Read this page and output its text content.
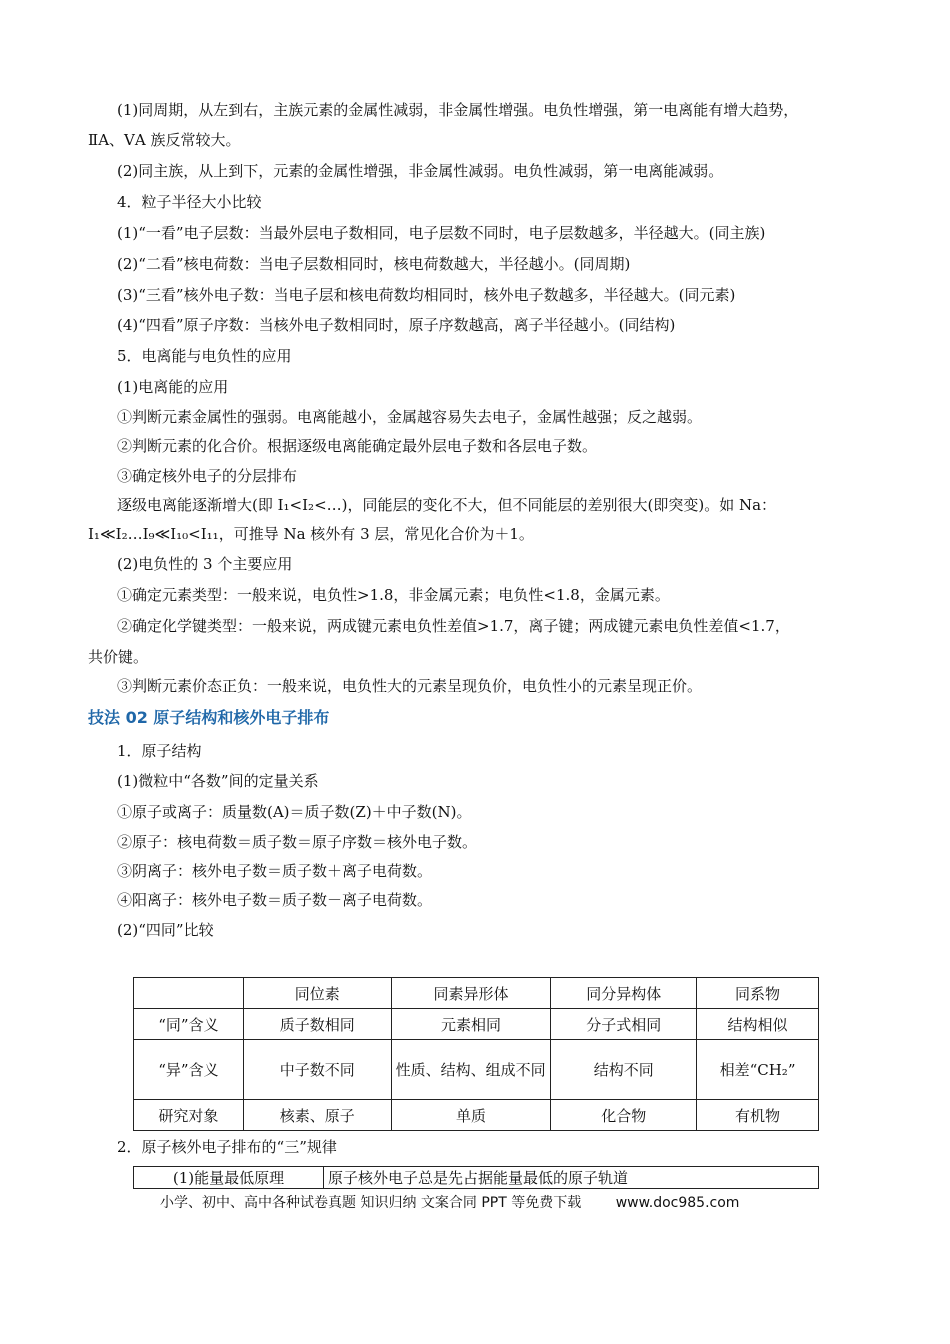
(1)同周期，从左到右，主族元素的金属性减弱，非金属性增强。电负性增强，第一电离能有增大趋势，
ⅡA、ⅤA 族反常较大。
(2)同主族，从上到下，元素的金属性增强，非金属性减弱。电负性减弱，第一电离能减弱。
4．粒子半径大小比较
(1)“一看”电子层数：当最外层电子数相同，电子层数不同时，电子层数越多，半径越大。(同主族)
(2)“二看”核电荷数：当电子层数相同时，核电荷数越大，半径越小。(同周期)
(3)“三看”核外电子数：当电子层和核电荷数均相同时，核外电子数越多，半径越大。(同元素)
(4)“四看”原子序数：当核外电子数相同时，原子序数越高，离子半径越小。(同结构)
5．电离能与电负性的应用
(1)电离能的应用
①判断元素金属性的强弱。电离能越小，金属越容易失去电子，金属性越强；反之越弱。
②判断元素的化合价。根据逐级电离能确定最外层电子数和各层电子数。
③确定核外电子的分层排布
逐级电离能逐渐增大(即 I₁<I₂<…)，同能层的变化不大，但不同能层的差别很大(即突变)。如 Na：
I₁≪I₂…I₉≪I₁₀<I₁₁，可推导 Na 核外有 3 层，常见化合价为＋1。
(2)电负性的 3 个主要应用
①确定元素类型：一般来说，电负性>1.8，非金属元素；电负性<1.8，金属元素。
②确定化学键类型：一般来说，两成键元素电负性差值>1.7，离子键；两成键元素电负性差值<1.7，
共价键。
③判断元素价态正负：一般来说，电负性大的元素呈现负价，电负性小的元素呈现正价。
技法 02 原子结构和核外电子排布
1．原子结构
(1)微粒中“各数”间的定量关系
①原子或离子：质量数(A)＝质子数(Z)＋中子数(N)。
②原子：核电荷数＝质子数＝原子序数＝核外电子数。
③阴离子：核外电子数＝质子数＋离子电荷数。
④阳离子：核外电子数＝质子数－离子电荷数。
(2)“四同”比较
	同位素	同素异形体	同分异构体	同系物
“同”含义	质子数相同	元素相同	分子式相同	结构相似
“异”含义	中子数不同	性质、结构、组成不同	结构不同	相差“CH₂”
研究对象	核素、原子	单质	化合物	有机物
2．原子核外电子排布的“三”规律
(1)能量最低原理	原子核外电子总是先占据能量最低的原子轨道
小学、初中、高中各种试卷真题 知识归纳 文案合同 PPT 等免费下载 www.doc985.com
